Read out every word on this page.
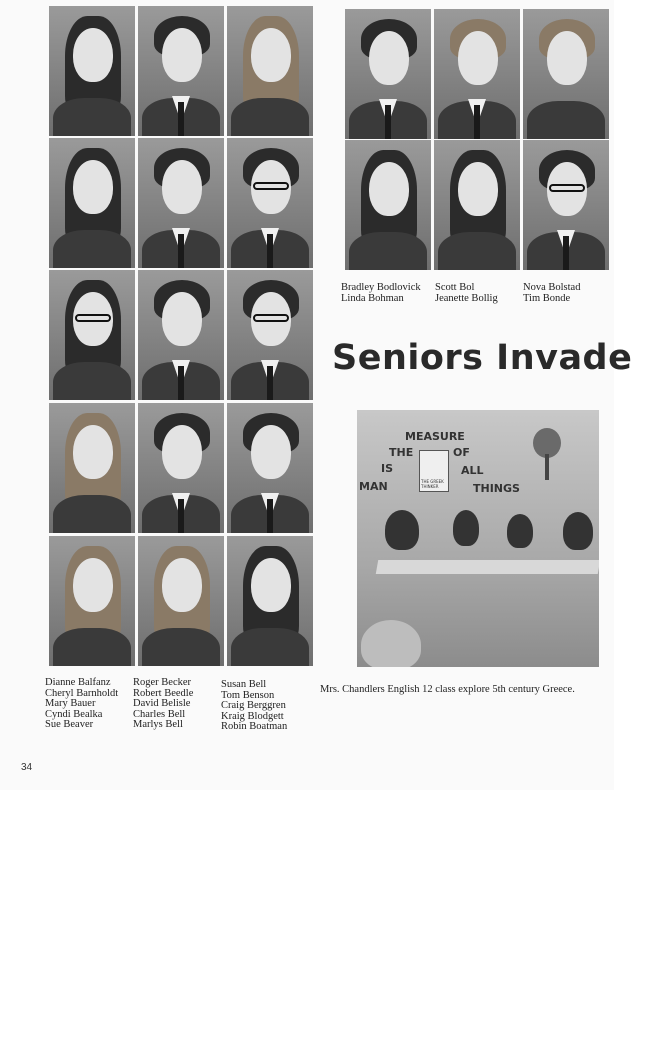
Dianne Balfanz
Cheryl Barnholdt
Mary Bauer
Cyndi Bealka
Sue Beaver
Roger Becker
Robert Beedle
David Belisle
Charles Bell
Marlys Bell
Susan Bell
Tom Benson
Craig Berggren
Kraig Blodgett
Robin Boatman
Bradley Bodlovick
Linda Bohman
Scott Bol
Jeanette Bollig
Nova Bolstad
Tim Bonde
Seniors Invade
MEASURE
THE	OF
IS	ALL
MAN	THINGS
THE GREEK THINKER
Mrs. Chandlers English 12 class explore 5th century Greece.
34
